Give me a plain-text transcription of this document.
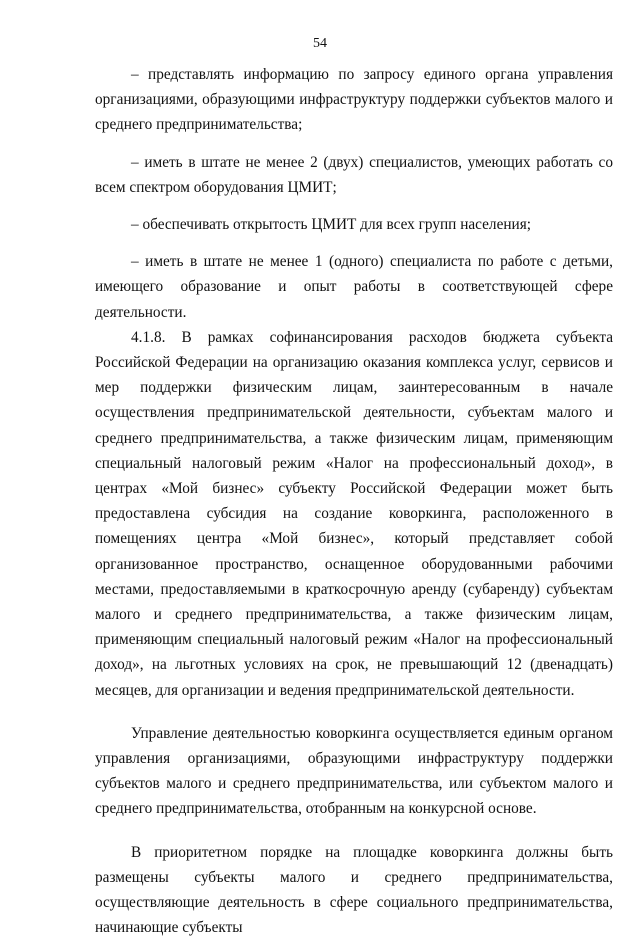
54

– представлять информацию по запросу единого органа управления организациями, образующими инфраструктуру поддержки субъектов малого и среднего предпринимательства;

– иметь в штате не менее 2 (двух) специалистов, умеющих работать со всем спектром оборудования ЦМИТ;

– обеспечивать открытость ЦМИТ для всех групп населения;

– иметь в штате не менее 1 (одного) специалиста по работе с детьми, имеющего образование и опыт работы в соответствующей сфере деятельности.

4.1.8. В рамках софинансирования расходов бюджета субъекта Российской Федерации на организацию оказания комплекса услуг, сервисов и мер поддержки физическим лицам, заинтересованным в начале осуществления предпринимательской деятельности, субъектам малого и среднего предпринимательства, а также физическим лицам, применяющим специальный налоговый режим «Налог на профессиональный доход», в центрах «Мой бизнес» субъекту Российской Федерации может быть предоставлена субсидия на создание коворкинга, расположенного в помещениях центра «Мой бизнес», который представляет собой организованное пространство, оснащенное оборудованными рабочими местами, предоставляемыми в краткосрочную аренду (субаренду) субъектам малого и среднего предпринимательства, а также физическим лицам, применяющим специальный налоговый режим «Налог на профессиональный доход», на льготных условиях на срок, не превышающий 12 (двенадцать) месяцев, для организации и ведения предпринимательской деятельности.

Управление деятельностью коворкинга осуществляется единым органом управления организациями, образующими инфраструктуру поддержки субъектов малого и среднего предпринимательства, или субъектом малого и среднего предпринимательства, отобранным на конкурсной основе.

В приоритетном порядке на площадке коворкинга должны быть размещены субъекты малого и среднего предпринимательства, осуществляющие деятельность в сфере социального предпринимательства, начинающие субъекты
